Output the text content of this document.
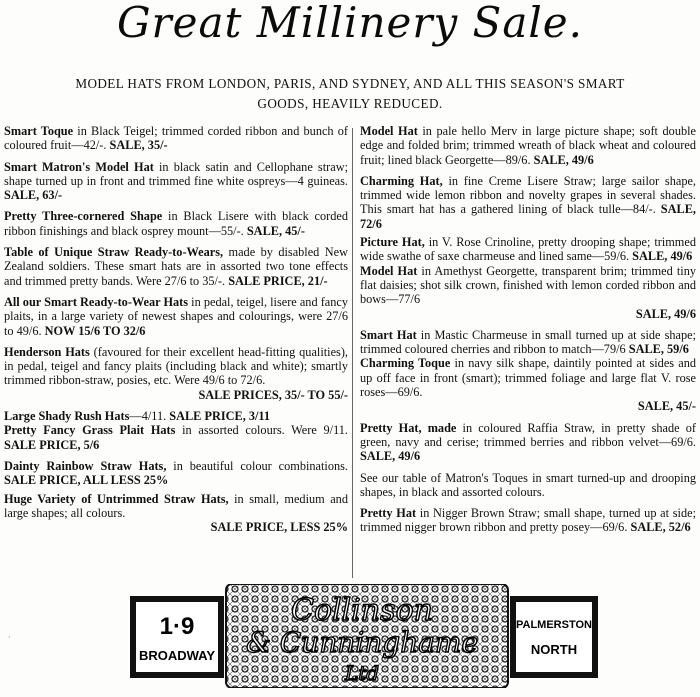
Great Millinery Sale.
MODEL HATS FROM LONDON, PARIS, AND SYDNEY, AND ALL THIS SEASON'S SMART
GOODS, HEAVILY REDUCED.

Smart Toque in Black Teigel; trimmed corded ribbon and bunch of coloured fruit—42/-. SALE, 35/-

Smart Matron's Model Hat in black satin and Cellophane straw; shape turned up in front and trimmed fine white ospreys—4 guineas. SALE, 63/-

Pretty Three-cornered Shape in Black Lisere with black corded ribbon finishings and black osprey mount—55/-. SALE, 45/-

Table of Unique Straw Ready-to-Wears, made by disabled New Zealand soldiers. These smart hats are in assorted two tone effects and trimmed pretty bands. Were 27/6 to 35/-. SALE PRICE, 21/-

All our Smart Ready-to-Wear Hats in pedal, teigel, lisere and fancy plaits, in a large variety of newest shapes and colourings, were 27/6 to 49/6. NOW 15/6 TO 32/6

Henderson Hats (favoured for their excellent head-fitting qualities), in pedal, teigel and fancy plaits (including black and white); smartly trimmed ribbon-straw, posies, etc. Were 49/6 to 72/6.
SALE PRICES, 35/- TO 55/-

Large Shady Rush Hats—4/11. SALE PRICE, 3/11

Pretty Fancy Grass Plait Hats in assorted colours. Were 9/11. SALE PRICE, 5/6

Dainty Rainbow Straw Hats, in beautiful colour combinations. SALE PRICE, ALL LESS 25%

Huge Variety of Untrimmed Straw Hats, in small, medium and large shapes; all colours.
SALE PRICE, LESS 25%

Model Hat in pale hello Merv in large picture shape; soft double edge and folded brim; trimmed wreath of black wheat and coloured fruit; lined black Georgette—89/6. SALE, 49/6

Charming Hat, in fine Creme Lisere Straw; large sailor shape, trimmed wide lemon ribbon and novelty grapes in several shades. This smart hat has a gathered lining of black tulle—84/-. SALE, 72/6

Picture Hat, in V. Rose Crinoline, pretty drooping shape; trimmed wide swathe of saxe charmeuse and lined same—59/6. SALE, 49/6

Model Hat in Amethyst Georgette, transparent brim; trimmed tiny flat daisies; shot silk crown, finished with lemon corded ribbon and bows—77/6
SALE, 49/6

Smart Hat in Mastic Charmeuse in small turned up at side shape; trimmed coloured cherries and ribbon to match—79/6 SALE, 59/6

Charming Toque in navy silk shape, daintily pointed at sides and up off face in front (smart); trimmed foliage and large flat V. rose roses—69/6.
SALE, 45/-

Pretty Hat, made in coloured Raffia Straw, in pretty shade of green, navy and cerise; trimmed berries and ribbon velvet—69/6. SALE, 49/6

See our table of Matron's Toques in smart turned-up and drooping shapes, in black and assorted colours.

Pretty Hat in Nigger Brown Straw; small shape, turned up at side; trimmed nigger brown ribbon and pretty posey—69/6. SALE, 52/6

·	1·9
BROADWAY
Collinson
& Cunninghame
Ltd
PALMERSTON
NORTH
